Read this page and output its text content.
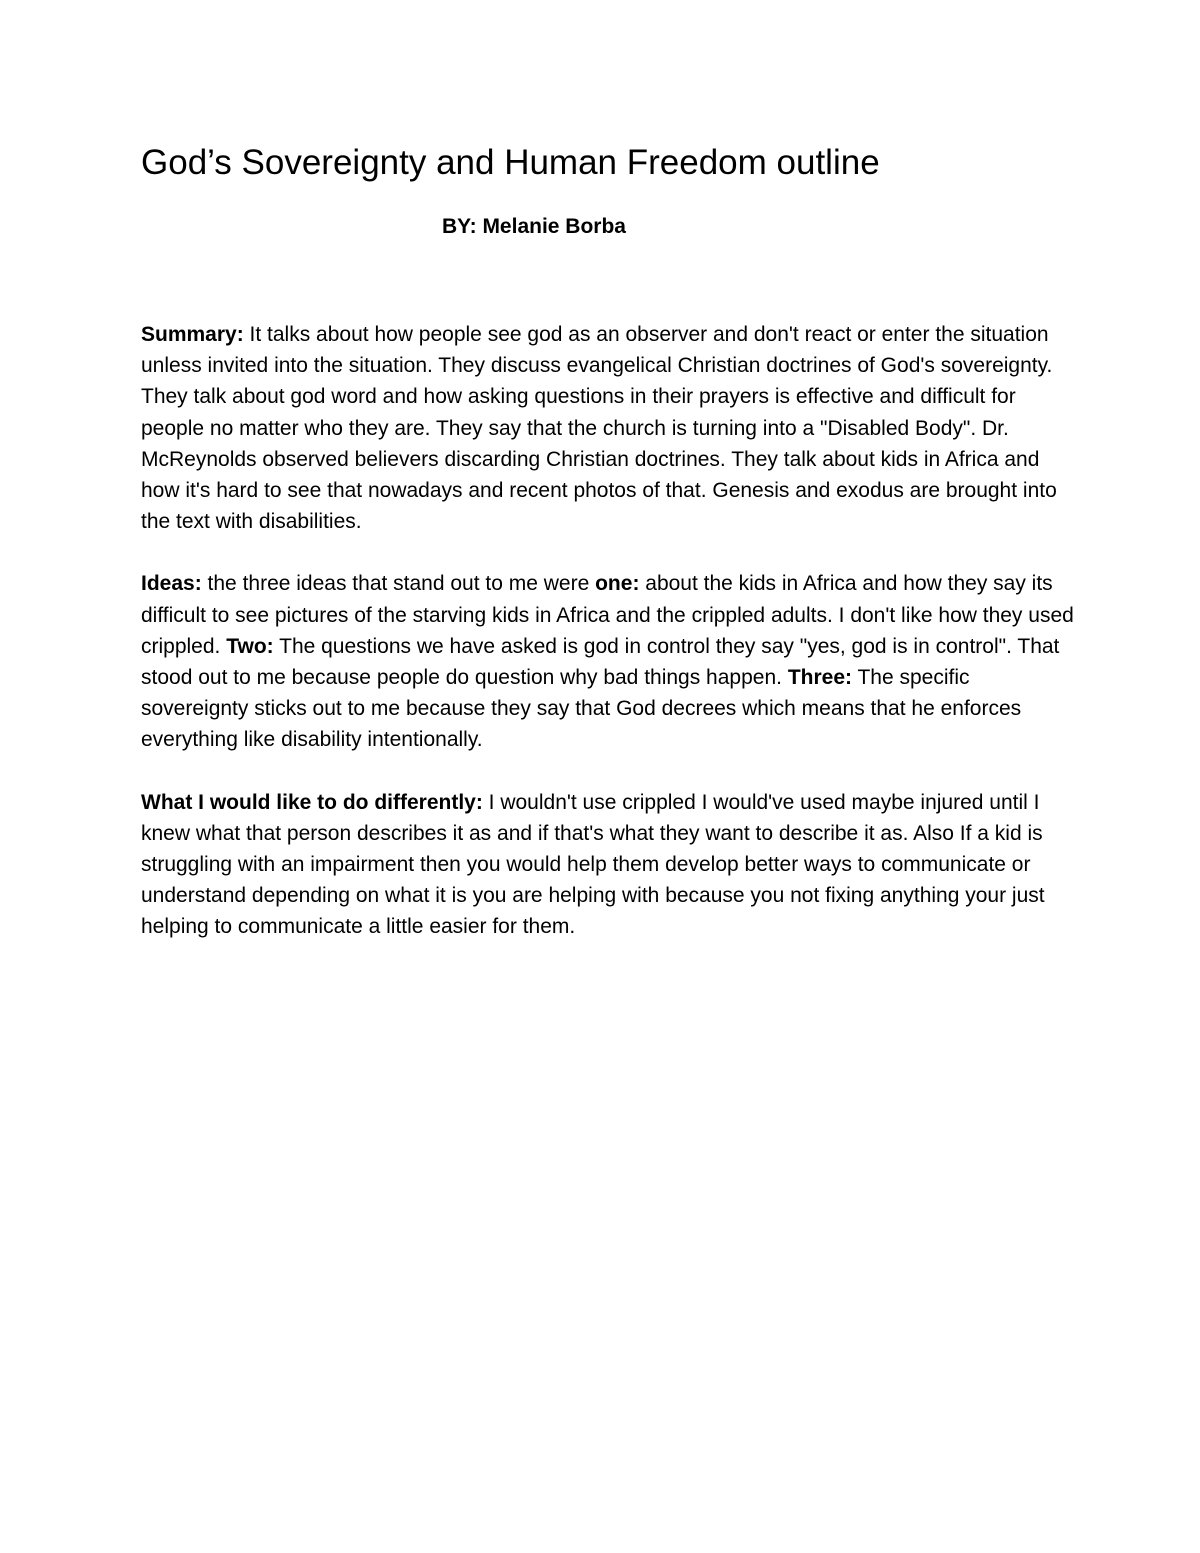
God’s Sovereignty and Human Freedom outline
BY: Melanie Borba

Summary: It talks about how people see god as an observer and don't react or enter the situation unless invited into the situation. They discuss evangelical Christian doctrines of God's sovereignty. They talk about god word and how asking questions in their prayers is effective and difficult for people no matter who they are. They say that the church is turning into a "Disabled Body". Dr. McReynolds observed believers discarding Christian doctrines. They talk about kids in Africa and how it's hard to see that nowadays and recent photos of that. Genesis and exodus are brought into the text with disabilities.

Ideas: the three ideas that stand out to me were one: about the kids in Africa and how they say its difficult to see pictures of the starving kids in Africa and the crippled adults. I don't like how they used crippled. Two: The questions we have asked is god in control they say "yes, god is in control". That stood out to me because people do question why bad things happen. Three: The specific sovereignty sticks out to me because they say that God decrees which means that he enforces everything like disability intentionally.

What I would like to do differently: I wouldn't use crippled I would've used maybe injured until I knew what that person describes it as and if that's what they want to describe it as. Also If a kid is struggling with an impairment then you would help them develop better ways to communicate or understand depending on what it is you are helping with because you not fixing anything your just helping to communicate a little easier for them.
